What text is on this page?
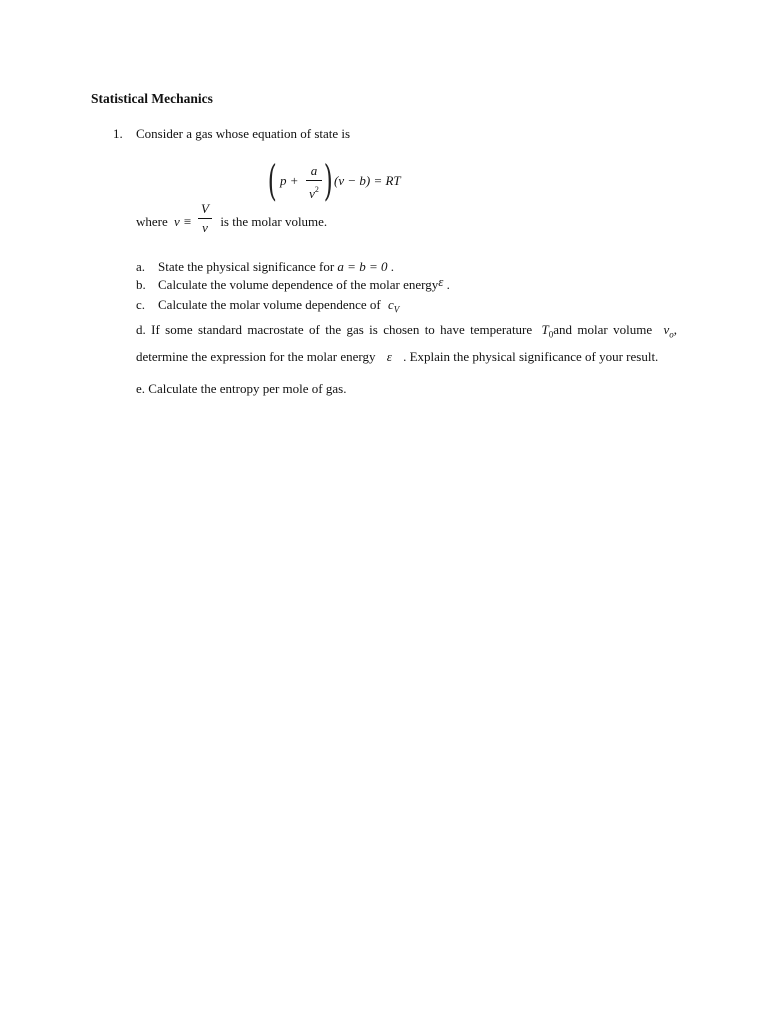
Statistical Mechanics
1. Consider a gas whose equation of state is
( p +
a
$v^2$ ) (v − b) = RT
where v ≡ is the molar volume.
V
ν
a. State the physical significance for a = b = 0 .
b. Calculate the volume dependence of the molar energyε .
c. Calculate the molar volume dependence of $c_V$
d. If some standard macrostate of the gas is chosen to have temperature $T_0and$ molar volume $v_o$, determine the expression for the molar energy ε . Explain the physical significance of your result.
e. Calculate the entropy per mole of gas.
